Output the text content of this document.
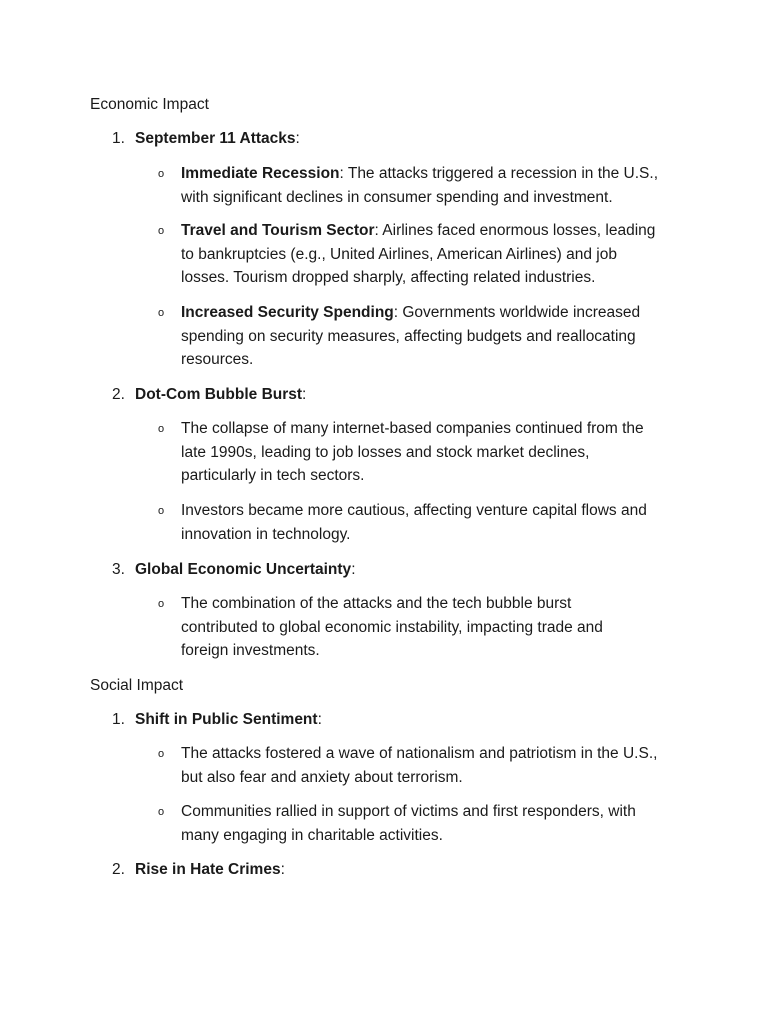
Economic Impact
1. September 11 Attacks:
o Immediate Recession: The attacks triggered a recession in the U.S.,
with significant declines in consumer spending and investment.
o Travel and Tourism Sector: Airlines faced enormous losses, leading
to bankruptcies (e.g., United Airlines, American Airlines) and job
losses. Tourism dropped sharply, affecting related industries.
o Increased Security Spending: Governments worldwide increased
spending on security measures, affecting budgets and reallocating
resources.
2. Dot-Com Bubble Burst:
o The collapse of many internet-based companies continued from the
late 1990s, leading to job losses and stock market declines,
particularly in tech sectors.
o Investors became more cautious, affecting venture capital flows and
innovation in technology.
3. Global Economic Uncertainty:
o The combination of the attacks and the tech bubble burst
contributed to global economic instability, impacting trade and
foreign investments.
Social Impact
1. Shift in Public Sentiment:
o The attacks fostered a wave of nationalism and patriotism in the U.S.,
but also fear and anxiety about terrorism.
o Communities rallied in support of victims and first responders, with
many engaging in charitable activities.
2. Rise in Hate Crimes:
